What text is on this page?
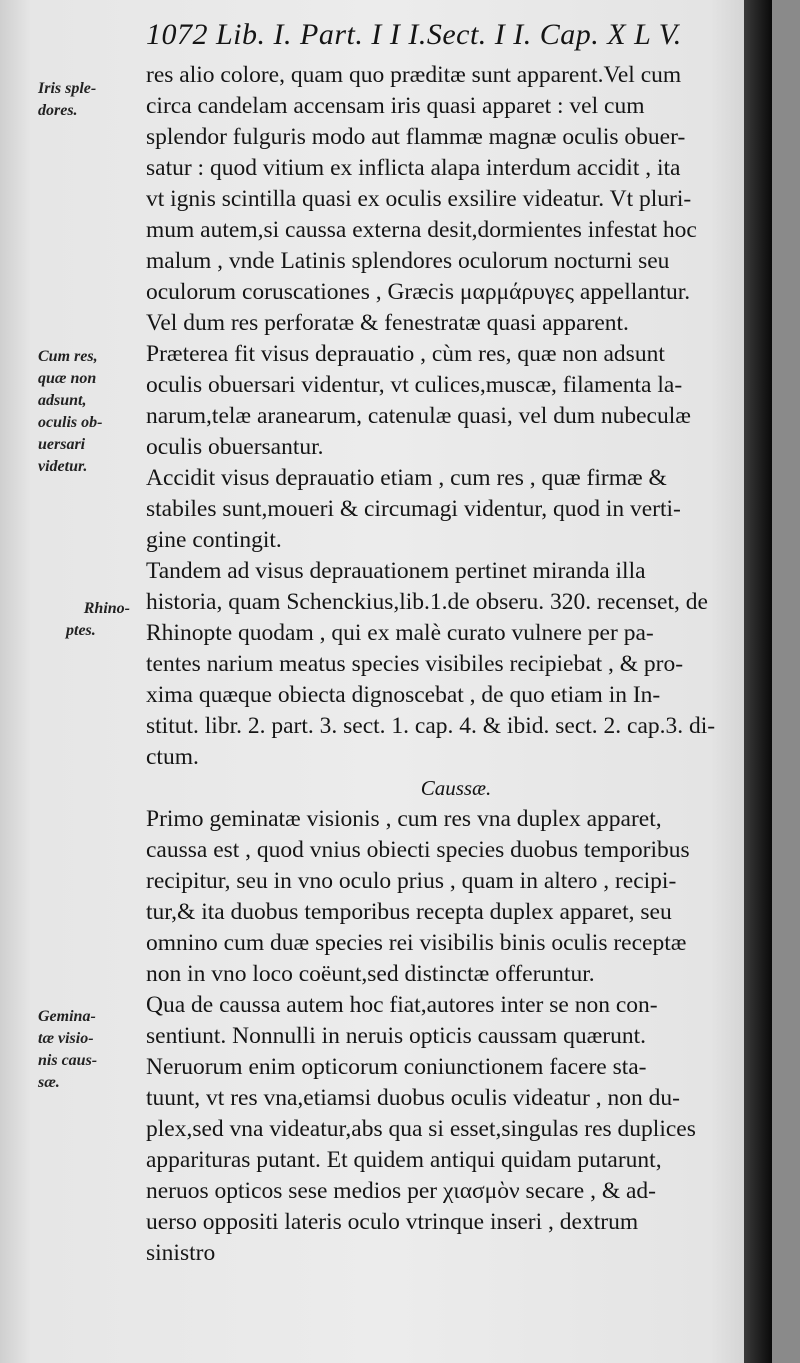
1072 Lib. I. Part. I I I.Sect. I I. Cap. X L V.
res alio colore, quam quo præditæ sunt apparent.Vel cum
circa candelam accensam iris quasi apparet : vel cum
splendor fulguris modo aut flammæ magnæ oculis obuer-
satur : quod vitium ex inflicta alapa interdum accidit , ita
vt ignis scintilla quasi ex oculis exsilire videatur. Vt pluri-
mum autem,si caussa externa desit,dormientes infestat hoc
malum , vnde Latinis splendores oculorum nocturni seu
oculorum coruscationes , Græcis μαρμάρυγες appellantur.
Vel dum res perforatæ & fenestratæ quasi apparent.
Præterea fit visus deprauatio , cùm res, quæ non adsunt
oculis obuersari videntur, vt culices,muscæ, filamenta la-
narum,telæ aranearum, catenulæ quasi, vel dum nubeculæ
oculis obuersantur.
Accidit visus deprauatio etiam , cum res , quæ firmæ &
stabiles sunt,moueri & circumagi videntur, quod in verti-
gine contingit.
Tandem ad visus deprauationem pertinet miranda illa
historia, quam Schenckius,lib.1.de obseru. 320. recenset, de
Rhinopte quodam , qui ex malè curato vulnere per pa-
tentes narium meatus species visibiles recipiebat , & pro-
xima quæque obiecta dignoscebat , de quo etiam in In-
stitut. libr. 2. part. 3. sect. 1. cap. 4. & ibid. sect. 2. cap.3. di-
ctum.
Caussæ.
Primo geminatæ visionis , cum res vna duplex apparet,
caussa est , quod vnius obiecti species duobus temporibus
recipitur, seu in vno oculo prius , quam in altero , recipi-
tur,& ita duobus temporibus recepta duplex apparet, seu
omnino cum duæ species rei visibilis binis oculis receptæ
non in vno loco coëunt,sed distinctæ offeruntur.
Qua de caussa autem hoc fiat,autores inter se non con-
sentiunt. Nonnulli in neruis opticis caussam quærunt.
Neruorum enim opticorum coniunctionem facere sta-
tuunt, vt res vna,etiamsi duobus oculis videatur , non du-
plex,sed vna videatur,abs qua si esset,singulas res duplices
apparituras putant. Et quidem antiqui quidam putarunt,
neruos opticos sese medios per χιασμὸν secare , & ad-
uerso oppositi lateris oculo vtrinque inseri , dextrum
sinistro
Iris sple-
dores.
Cum res,
quæ non
adsunt,
oculis ob-
uersari
videtur.
Rhino-
ptes.
Gemina-
tæ visio-
nis caus-
sæ.
